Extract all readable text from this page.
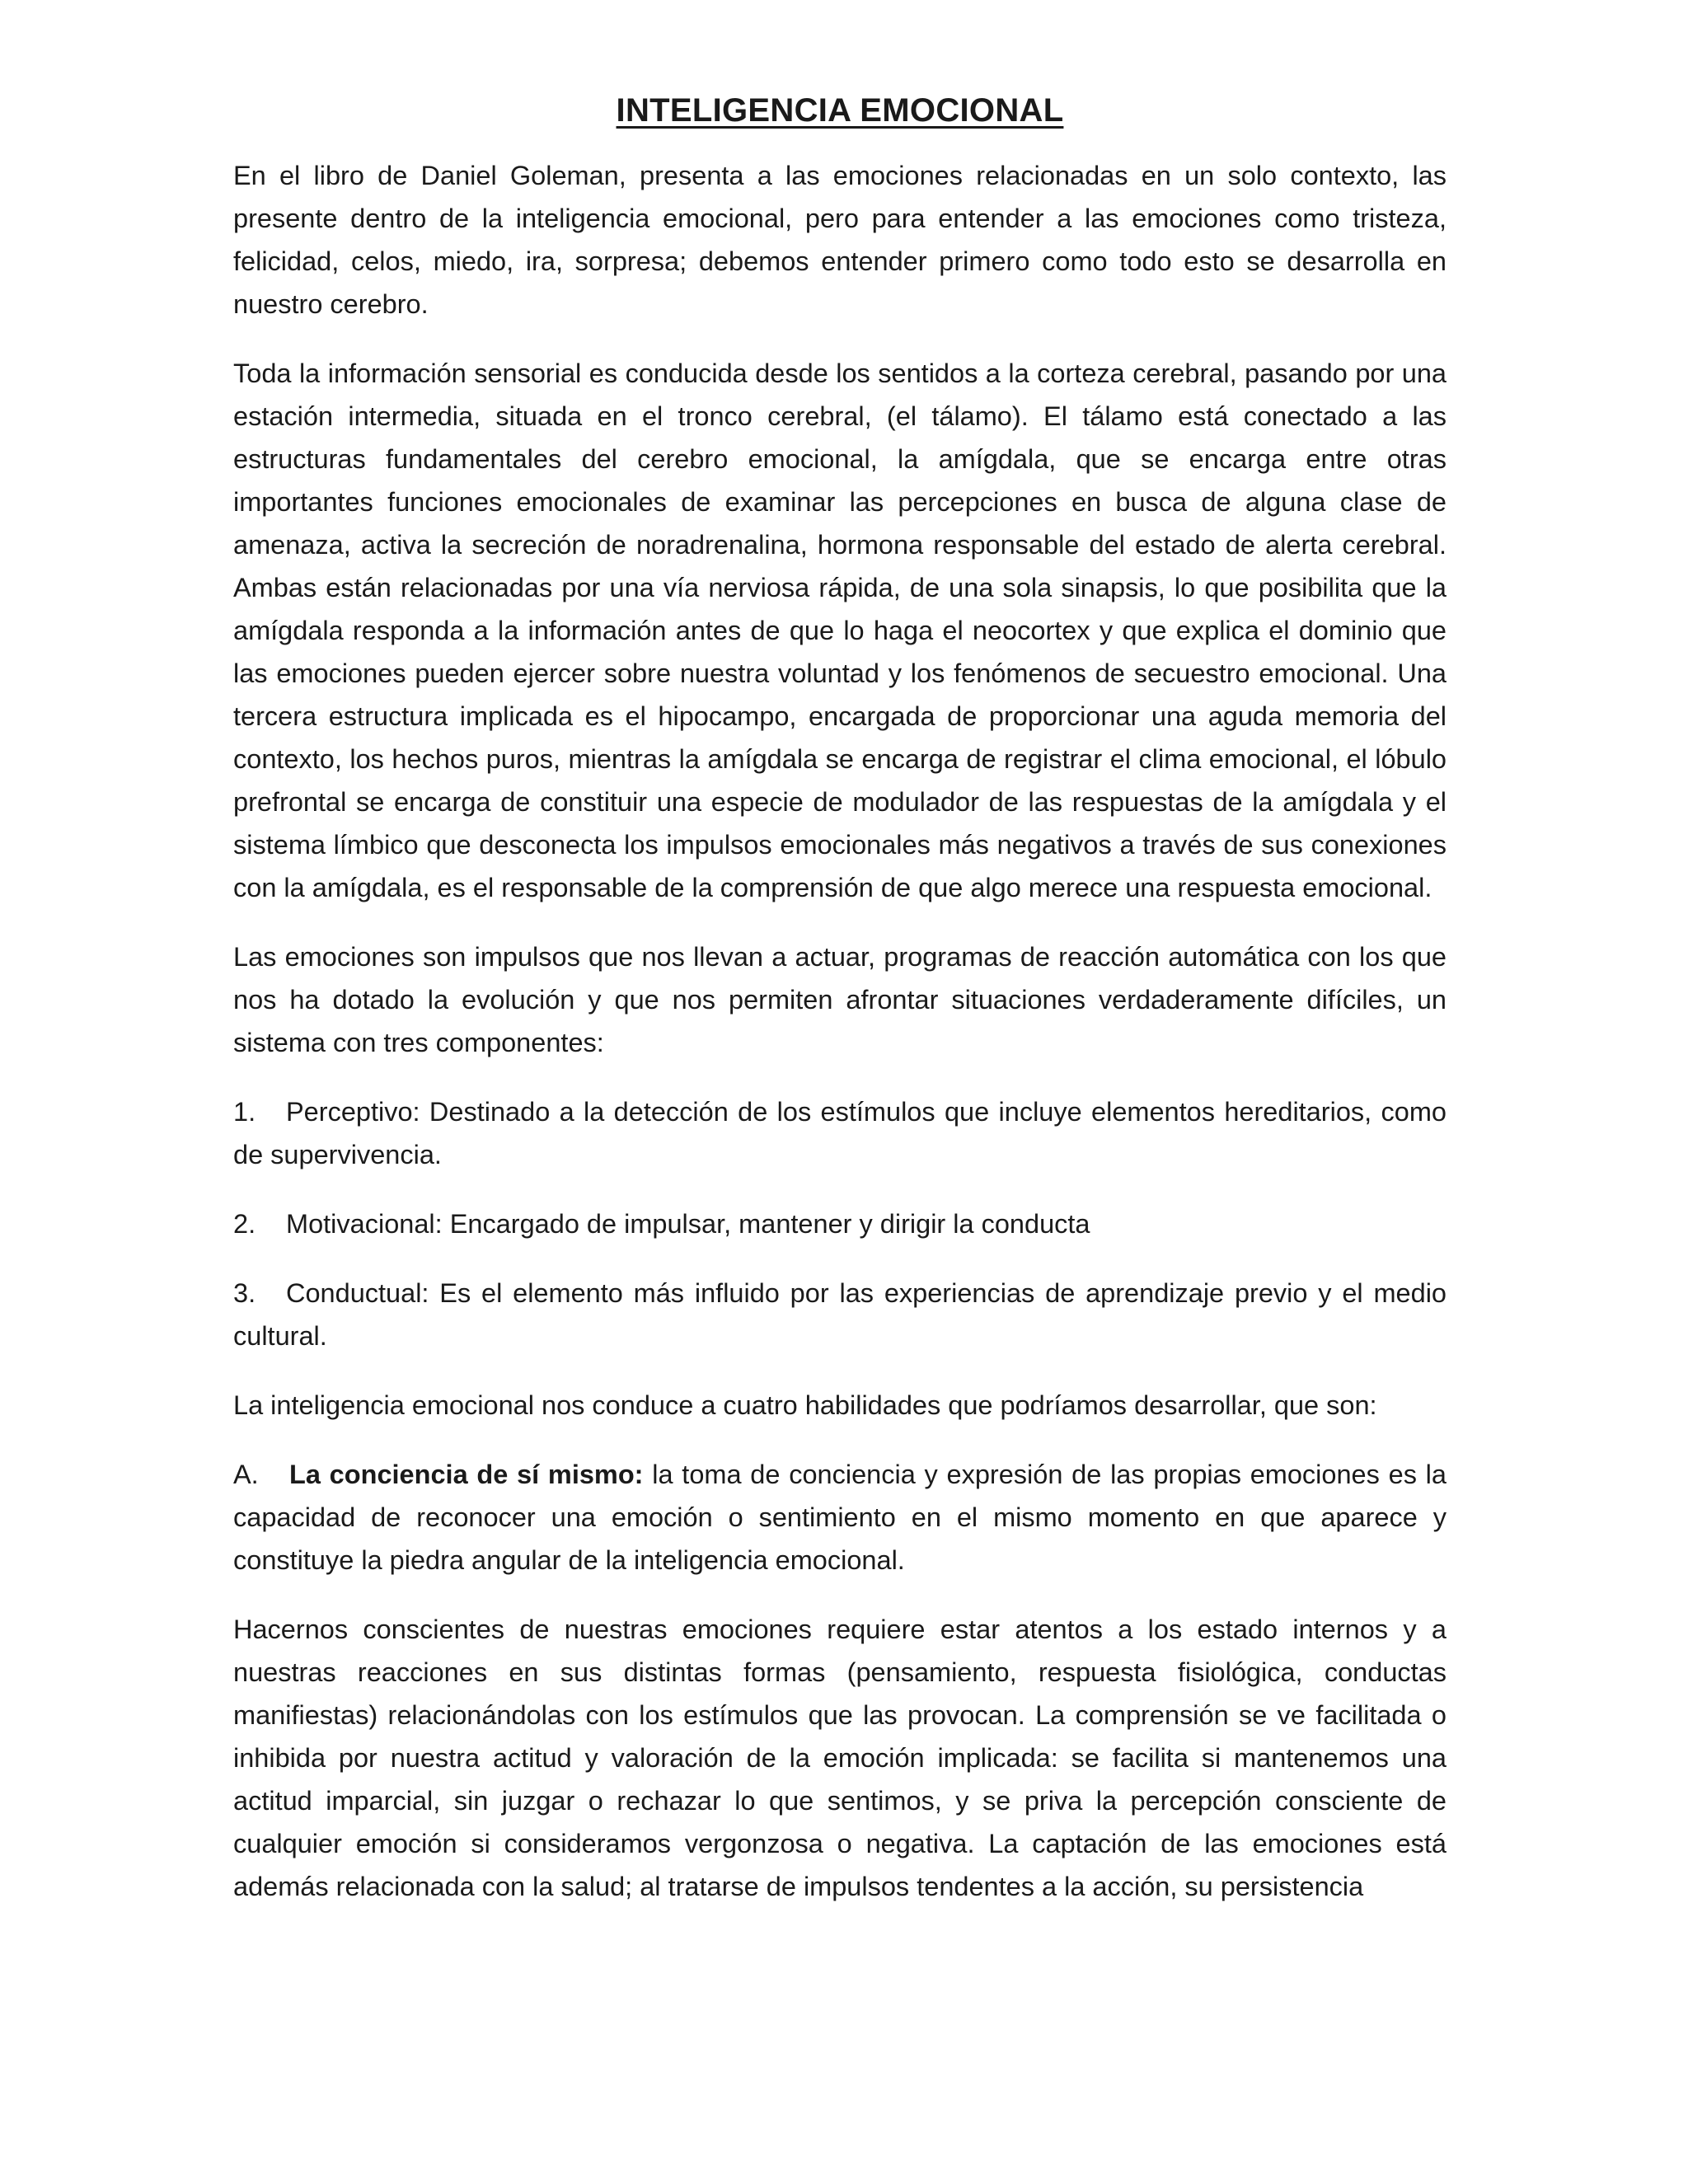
INTELIGENCIA EMOCIONAL

En el libro de Daniel Goleman, presenta a las emociones relacionadas en un solo contexto, las presente dentro de la inteligencia emocional, pero para entender a las emociones como tristeza, felicidad, celos, miedo, ira, sorpresa; debemos entender primero como todo esto se desarrolla en nuestro cerebro.

Toda la información sensorial es conducida desde los sentidos a la corteza cerebral, pasando por una estación intermedia, situada en el tronco cerebral, (el tálamo). El tálamo está conectado a las estructuras fundamentales del cerebro emocional, la amígdala, que se encarga entre otras importantes funciones emocionales de examinar las percepciones en busca de alguna clase de amenaza, activa la secreción de noradrenalina, hormona responsable del estado de alerta cerebral. Ambas están relacionadas por una vía nerviosa rápida, de una sola sinapsis, lo que posibilita que la amígdala responda a la información antes de que lo haga el neocortex y que explica el dominio que las emociones pueden ejercer sobre nuestra voluntad y los fenómenos de secuestro emocional. Una tercera estructura implicada es el hipocampo, encargada de proporcionar una aguda memoria del contexto, los hechos puros, mientras la amígdala se encarga de registrar el clima emocional, el lóbulo prefrontal se encarga de constituir una especie de modulador de las respuestas de la amígdala y el sistema límbico que desconecta los impulsos emocionales más negativos a través de sus conexiones con la amígdala, es el responsable de la comprensión de que algo merece una respuesta emocional.

Las emociones son impulsos que nos llevan a actuar, programas de reacción automática con los que nos ha dotado la evolución y que nos permiten afrontar situaciones verdaderamente difíciles, un sistema con tres componentes:

1. Perceptivo: Destinado a la detección de los estímulos que incluye elementos hereditarios, como de supervivencia.

2. Motivacional: Encargado de impulsar, mantener y dirigir la conducta

3. Conductual: Es el elemento más influido por las experiencias de aprendizaje previo y el medio cultural.

La inteligencia emocional nos conduce a cuatro habilidades que podríamos desarrollar, que son:

A. La conciencia de sí mismo: la toma de conciencia y expresión de las propias emociones es la capacidad de reconocer una emoción o sentimiento en el mismo momento en que aparece y constituye la piedra angular de la inteligencia emocional.

Hacernos conscientes de nuestras emociones requiere estar atentos a los estado internos y a nuestras reacciones en sus distintas formas (pensamiento, respuesta fisiológica, conductas manifiestas) relacionándolas con los estímulos que las provocan. La comprensión se ve facilitada o inhibida por nuestra actitud y valoración de la emoción implicada: se facilita si mantenemos una actitud imparcial, sin juzgar o rechazar lo que sentimos, y se priva la percepción consciente de cualquier emoción si consideramos vergonzosa o negativa. La captación de las emociones está además relacionada con la salud; al tratarse de impulsos tendentes a la acción, su persistencia
